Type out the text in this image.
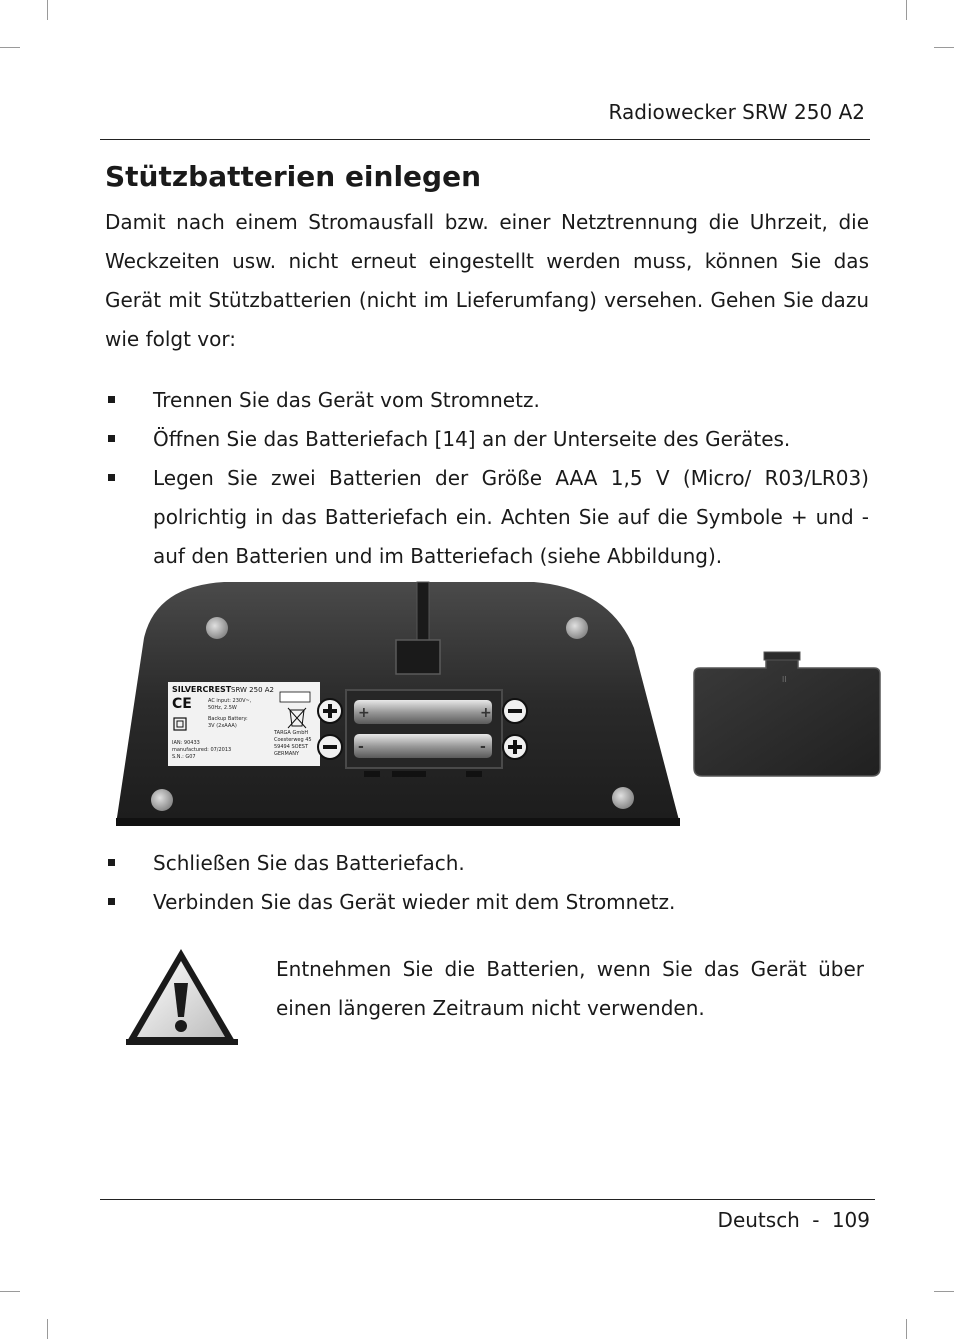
Radiowecker SRW 250 A2
Stützbatterien einlegen

Damit nach einem Stromausfall bzw. einer Netztrennung die Uhrzeit, die Weckzeiten usw. nicht erneut eingestellt werden muss, können Sie das Gerät mit Stützbatterien (nicht im Lieferumfang) versehen. Gehen Sie dazu wie folgt vor:

Trennen Sie das Gerät vom Stromnetz.
Öffnen Sie das Batteriefach [14] an der Unterseite des Gerätes.
Legen Sie zwei Batterien der Größe AAA 1,5 V (Micro/ R03/LR03) polrichtig in das Batteriefach ein. Achten Sie auf die Symbole + und - auf den Batterien und im Batteriefach (siehe Abbildung).
SILVERCREST SRW 250 A2
CE	AC input: 230V~,
50Hz, 2.5W
Backup Battery:
3V (2xAAA)
IAN: 90433
manufactured: 07/2013
S.N.: G07
TARGA GmbH
Coesterweg 45
59494 SOEST
GERMANY
+	+
-	-
ll
Schließen Sie das Batteriefach.
Verbinden Sie das Gerät wieder mit dem Stromnetz.

Entnehmen Sie die Batterien, wenn Sie das Gerät über einen längeren Zeitraum nicht verwenden.

Deutsch - 109
